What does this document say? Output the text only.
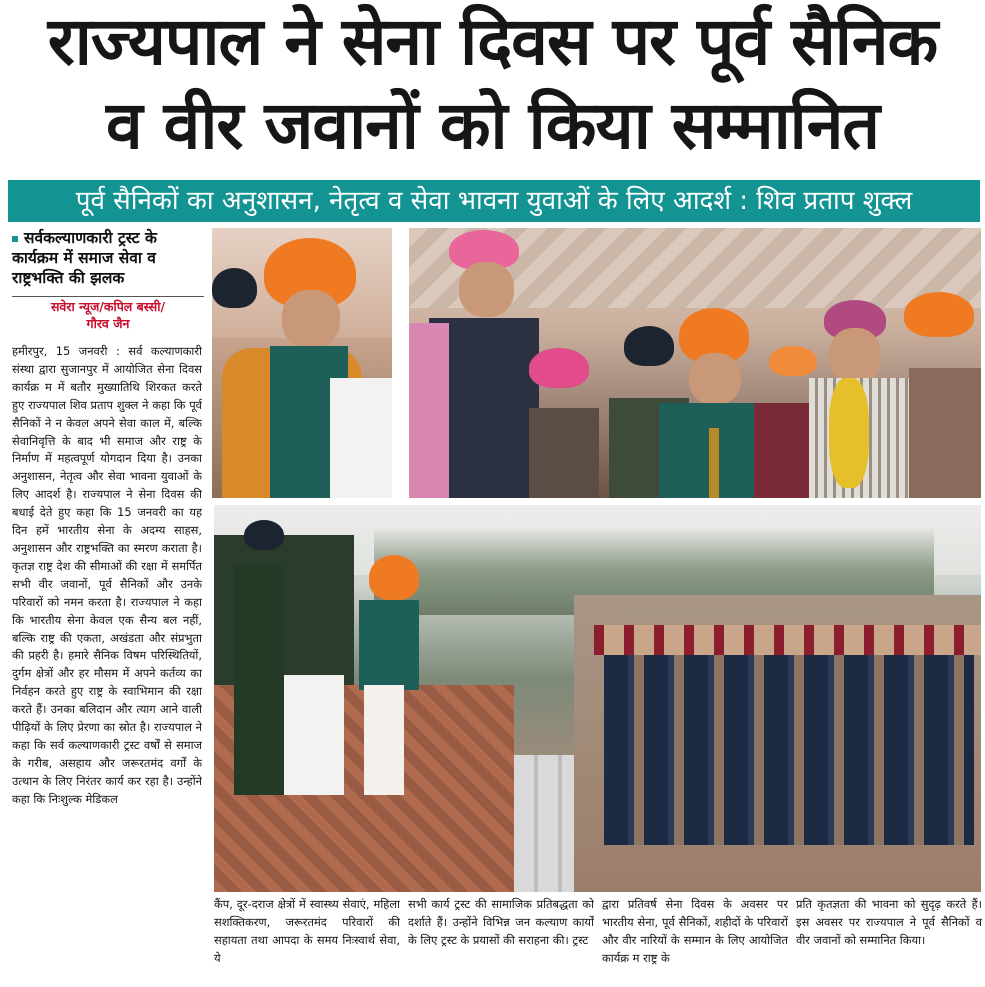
राज्यपाल ने सेना दिवस पर पूर्व सैनिक
व वीर जवानों को किया सम्मानित
पूर्व सैनिकों का अनुशासन, नेतृत्व व सेवा भावना युवाओं के लिए आदर्श : शिव प्रताप शुक्ल
सर्वकल्याणकारी ट्रस्ट के कार्यक्रम में समाज सेवा व राष्ट्रभक्ति की झलक
सवेरा न्यूज/कपिल बस्सी/
गौरव जैन
हमीरपुर, 15 जनवरी : सर्व कल्याणकारी संस्था द्वारा सुजानपुर में आयोजित सेना दिवस कार्यक्र म में बतौर मुख्यातिथि शिरकत करते हुए राज्यपाल शिव प्रताप शुक्ल ने कहा कि पूर्व सैनिकों ने न केवल अपने सेवा काल में, बल्कि सेवानिवृत्ति के बाद भी समाज और राष्ट्र के निर्माण में महत्वपूर्ण योगदान दिया है। उनका अनुशासन, नेतृत्व और सेवा भावना युवाओं के लिए आदर्श है। राज्यपाल ने सेना दिवस की बधाई देते हुए कहा कि 15 जनवरी का यह दिन हमें भारतीय सेना के अदम्य साहस, अनुशासन और राष्ट्रभक्ति का स्मरण कराता है। कृतज्ञ राष्ट्र देश की सीमाओं की रक्षा में समर्पित सभी वीर जवानों, पूर्व सैनिकों और उनके परिवारों को नमन करता है। राज्यपाल ने कहा कि भारतीय सेना केवल एक सैन्य बल नहीं, बल्कि राष्ट्र की एकता, अखंडता और संप्रभुता की प्रहरी है। हमारे सैनिक विषम परिस्थितियों, दुर्गम क्षेत्रों और हर मौसम में अपने कर्तव्य का निर्वहन करते हुए राष्ट्र के स्वाभिमान की रक्षा करते हैं। उनका बलिदान और त्याग आने वाली पीढ़ियों के लिए प्रेरणा का स्रोत है। राज्यपाल ने कहा कि सर्व कल्याणकारी ट्रस्ट वर्षों से समाज के गरीब, असहाय और जरूरतमंद वर्गों के उत्थान के लिए निरंतर कार्य कर रहा है। उन्होंने कहा कि निःशुल्क मेडिकल
कैंप, दूर-दराज क्षेत्रों में स्वास्थ्य सेवाएं, महिला सशक्तिकरण, जरूरतमंद परिवारों की सहायता तथा आपदा के समय निःस्वार्थ सेवा, ये
सभी कार्य ट्रस्ट की सामाजिक प्रतिबद्धता को दर्शाते हैं। उन्होंने विभिन्न जन कल्याण कार्यों के लिए ट्रस्ट के प्रयासों की सराहना की। ट्रस्ट
द्वारा प्रतिवर्ष सेना दिवस के अवसर पर भारतीय सेना, पूर्व सैनिकों, शहीदों के परिवारों और वीर नारियों के सम्मान के लिए आयोजित कार्यक्र म राष्ट्र के
प्रति कृतज्ञता की भावना को सुदृढ़ करते हैं। इस अवसर पर राज्यपाल ने पूर्व सैनिकों व वीर जवानों को सम्मानित किया।
